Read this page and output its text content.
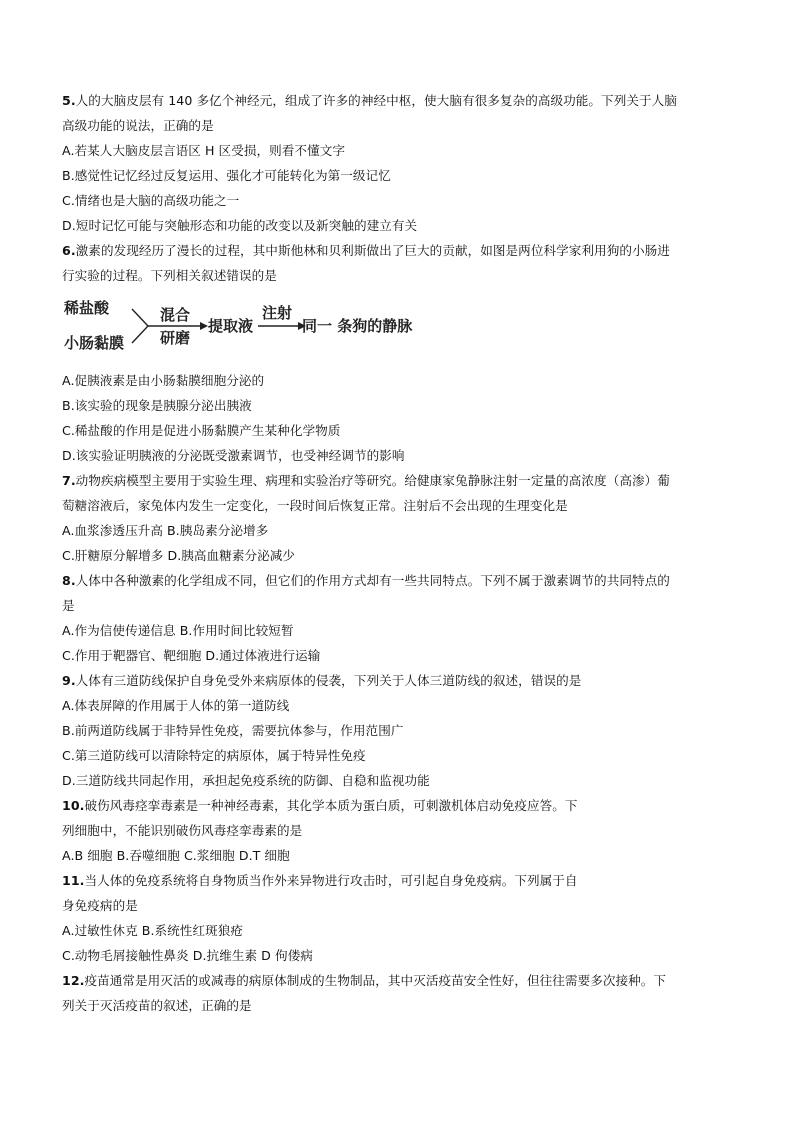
5.人的大脑皮层有 140 多亿个神经元，组成了许多的神经中枢，使大脑有很多复杂的高级功能。下列关于人脑
高级功能的说法，正确的是
A.若某人大脑皮层言语区 H 区受损，则看不懂文字
B.感觉性记忆经过反复运用、强化才可能转化为第一级记忆
C.情绪也是大脑的高级功能之一
D.短时记忆可能与突触形态和功能的改变以及新突触的建立有关
6.激素的发现经历了漫长的过程，其中斯他林和贝利斯做出了巨大的贡献，如图是两位科学家利用狗的小肠进
行实验的过程。下列相关叙述错误的是
稀盐酸
小肠黏膜
混合
研磨
提取液
注射
同一 条狗的静脉
A.促胰液素是由小肠黏膜细胞分泌的
B.该实验的现象是胰腺分泌出胰液
C.稀盐酸的作用是促进小肠黏膜产生某种化学物质
D.该实验证明胰液的分泌既受激素调节，也受神经调节的影响
7.动物疾病模型主要用于实验生理、病理和实验治疗等研究。给健康家兔静脉注射一定量的高浓度（高渗）葡
萄糖溶液后，家兔体内发生一定变化，一段时间后恢复正常。注射后不会出现的生理变化是
A.血浆渗透压升高 B.胰岛素分泌增多
C.肝糖原分解增多 D.胰高血糖素分泌减少
8.人体中各种激素的化学组成不同，但它们的作用方式却有一些共同特点。下列不属于激素调节的共同特点的
是
A.作为信使传递信息 B.作用时间比较短暂
C.作用于靶器官、靶细胞 D.通过体液进行运输
9.人体有三道防线保护自身免受外来病原体的侵袭，下列关于人体三道防线的叙述，错误的是
A.体表屏障的作用属于人体的第一道防线
B.前两道防线属于非特异性免疫，需要抗体参与，作用范围广
C.第三道防线可以清除特定的病原体，属于特异性免疫
D.三道防线共同起作用，承担起免疫系统的防御、自稳和监视功能
10.破伤风毒痉挛毒素是一种神经毒素，其化学本质为蛋白质，可刺激机体启动免疫应答。下
列细胞中，不能识别破伤风毒痉挛毒素的是
A.B 细胞 B.吞噬细胞 C.浆细胞 D.T 细胞
11.当人体的免疫系统将自身物质当作外来异物进行攻击时，可引起自身免疫病。下列属于自
身免疫病的是
A.过敏性休克 B.系统性红斑狼疮
C.动物毛屑接触性鼻炎 D.抗维生素 D 佝偻病
12.疫苗通常是用灭活的或减毒的病原体制成的生物制品，其中灭活疫苗安全性好，但往往需要多次接种。下
列关于灭活疫苗的叙述，正确的是
